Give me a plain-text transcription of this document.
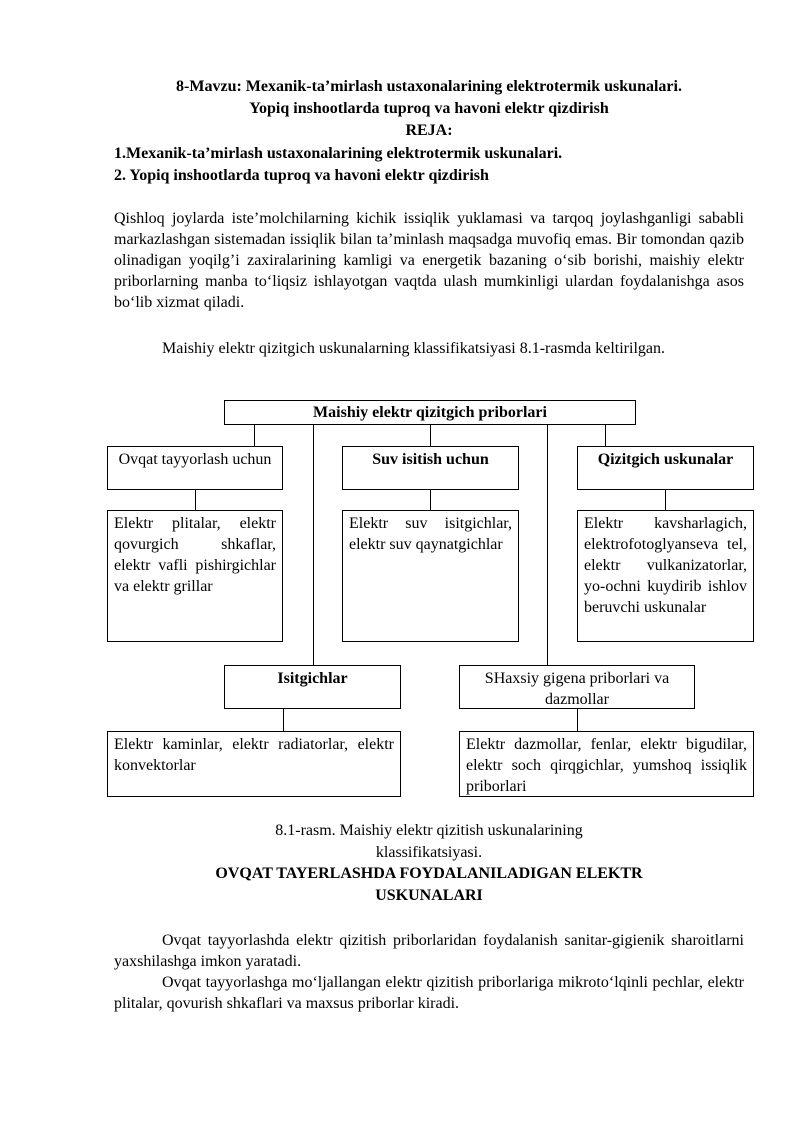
8-Mavzu: Mexanik-ta’mirlash ustaxonalarining elektrotermik uskunalari.
Yopiq inshootlarda tuproq va havoni elektr qizdirish
REJA:
1.Mexanik-ta’mirlash ustaxonalarining elektrotermik uskunalari.
2. Yopiq inshootlarda tuproq va havoni elektr qizdirish
Qishloq joylarda iste’molchilarning kichik issiqlik yuklamasi va tarqoq joylashganligi sababli markazlashgan sistemadan issiqlik bilan ta’minlash maqsadga muvofiq emas. Bir tomondan qazib olinadigan yoqilg’i zaxiralarining kamligi va energetik bazaning o‘sib borishi, maishiy elektr priborlarning manba to‘liqsiz ishlayotgan vaqtda ulash mumkinligi ulardan foydalanishga asos bo‘lib xizmat qiladi.
Maishiy elektr qizitgich uskunalarning klassifikatsiyasi 8.1-rasmda keltirilgan.
Maishiy elektr qizitgich priborlari
Ovqat tayyorlash uchun	Suv isitish uchun	Qizitgich uskunalar
Elektr plitalar, elektr qovurgich shkaflar, elektr vafli pishirgichlar va elektr grillar
Elektr suv isitgichlar, elektr suv qaynatgichlar
Elektr kavsharlagich, elektrofotoglyanseva tel, elektr vulkanizatorlar, yo-ochni kuydirib ishlov beruvchi uskunalar
Isitgichlar	SHaxsiy gigena priborlari va dazmollar
Elektr kaminlar, elektr radiatorlar, elektr konvektorlar
Elektr dazmollar, fenlar, elektr bigudilar, elektr soch qirqgichlar, yumshoq issiqlik priborlari
8.1-rasm. Maishiy elektr qizitish uskunalarining
klassifikatsiyasi.
OVQAT TAYERLASHDA FOYDALANILADIGAN ELEKTR
USKUNALARI
Ovqat tayyorlashda elektr qizitish priborlaridan foydalanish sanitar-gigienik sharoitlarni yaxshilashga imkon yaratadi.
Ovqat tayyorlashga mo‘ljallangan elektr qizitish priborlariga mikroto‘lqinli pechlar, elektr plitalar, qovurish shkaflari va maxsus priborlar kiradi.
